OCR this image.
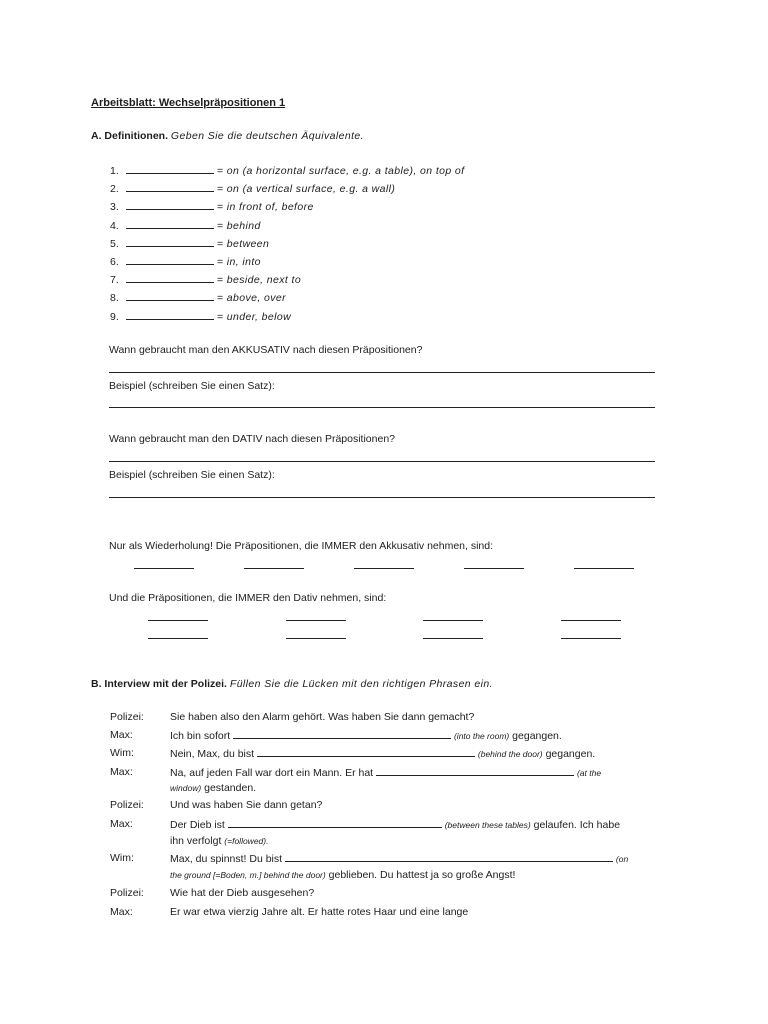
Arbeitsblatt: Wechselpräpositionen 1
A. Definitionen. Geben Sie die deutschen Äquivalente.
1.	= on (a horizontal surface, e.g. a table), on top of
2.	= on (a vertical surface, e.g. a wall)
3.	= in front of, before
4.	= behind
5.	= between
6.	= in, into
7.	= beside, next to
8.	= above, over
9.	= under, below
Wann gebraucht man den AKKUSATIV nach diesen Präpositionen?
Beispiel (schreiben Sie einen Satz):
Wann gebraucht man den DATIV nach diesen Präpositionen?
Beispiel (schreiben Sie einen Satz):
Nur als Wiederholung! Die Präpositionen, die IMMER den Akkusativ nehmen, sind:
Und die Präpositionen, die IMMER den Dativ nehmen, sind:
B. Interview mit der Polizei. Füllen Sie die Lücken mit den richtigen Phrasen ein.
Polizei: Sie haben also den Alarm gehört. Was haben Sie dann gemacht?
Max:	Ich bin sofort	(into the room) gegangen.
Wim:	Nein, Max, du bist	(behind the door) gegangen.
Max:	Na, auf jeden Fall war dort ein Mann. Er hat	(at the
window) gestanden.
Polizei: Und was haben Sie dann getan?
Max:	Der Dieb ist	(between these tables) gelaufen. Ich habe
ihn verfolgt (=followed).
Wim:	Max, du spinnst! Du bist	(on
the ground [=Boden, m.] behind the door) geblieben. Du hattest ja so große Angst!
Polizei: Wie hat der Dieb ausgesehen?
Max:	Er war etwa vierzig Jahre alt. Er hatte rotes Haar und eine lange
